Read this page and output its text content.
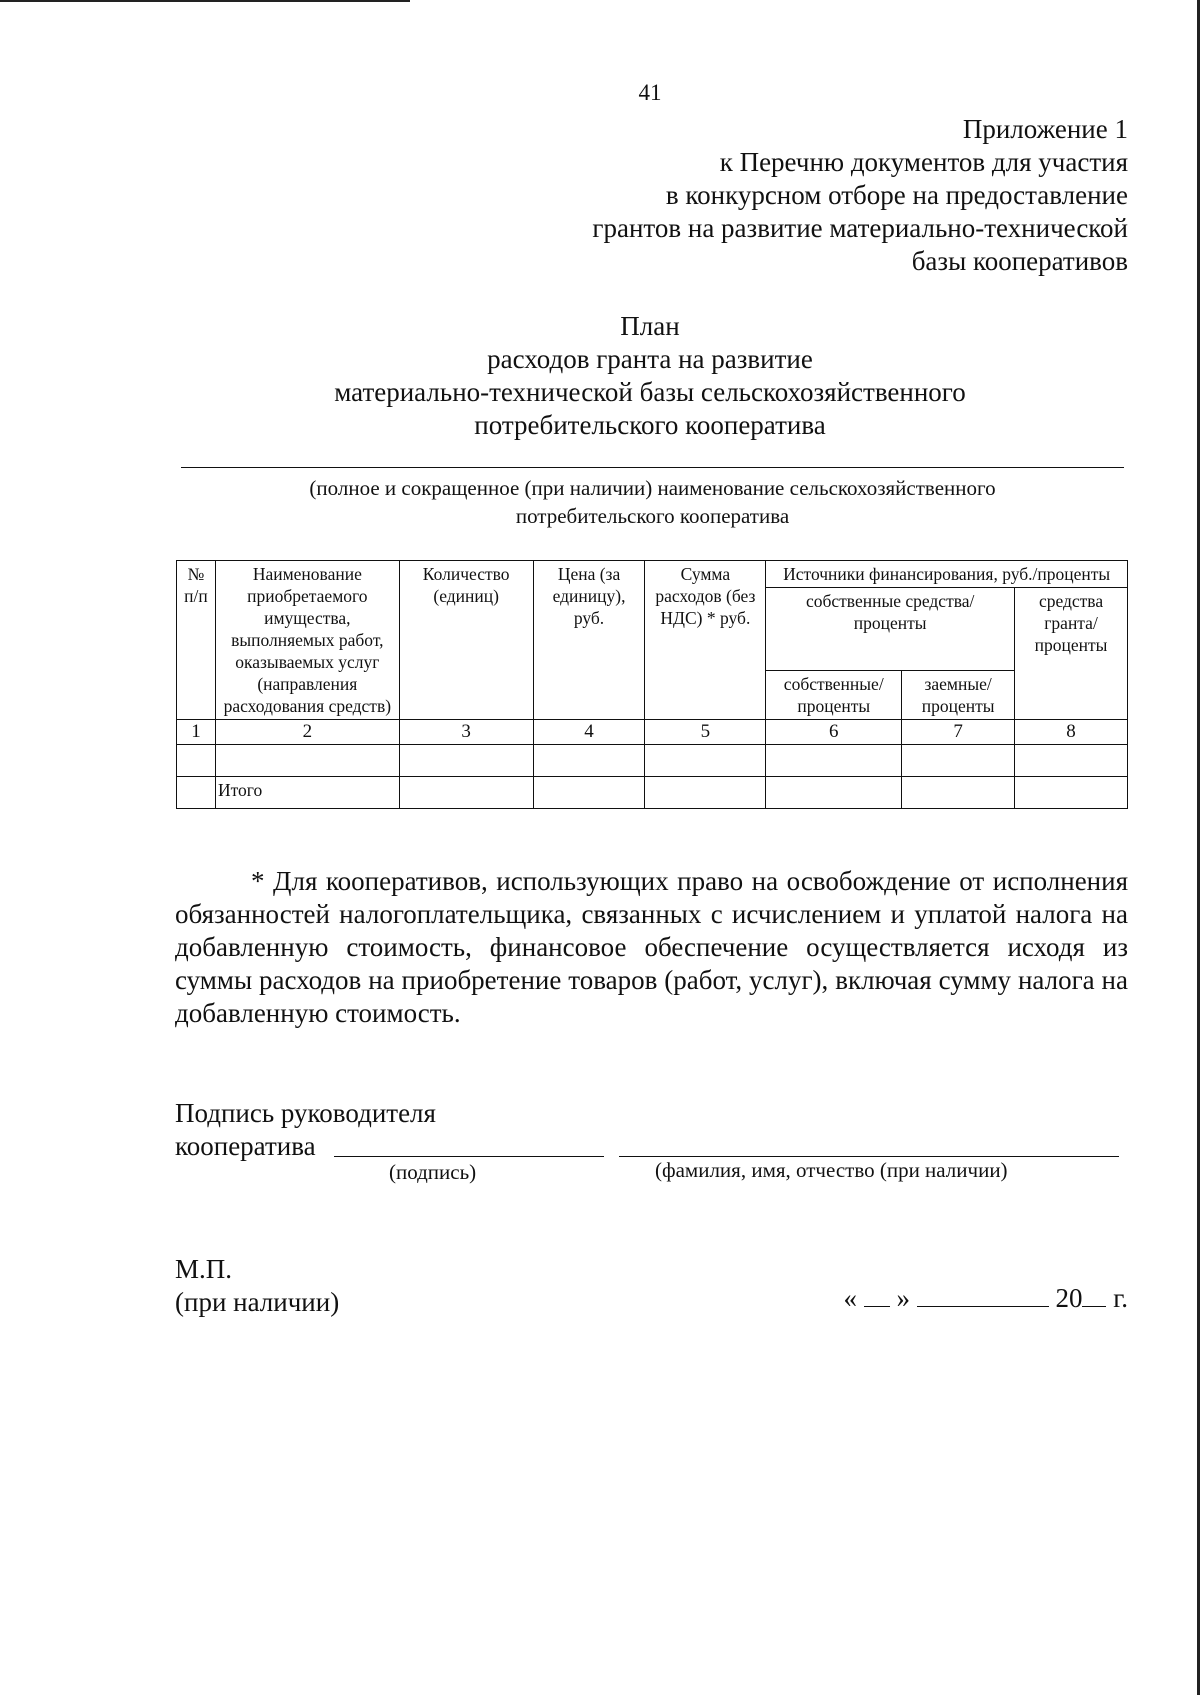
41
Приложение 1
к Перечню документов для участия
в конкурсном отборе на предоставление
грантов на развитие материально-технической
базы кооперативов
План
расходов гранта на развитие
материально-технической базы сельскохозяйственного
потребительского кооператива
(полное и сокращенное (при наличии) наименование сельскохозяйственного
потребительского кооператива
№ п/п	Наименование приобретаемого имущества, выполняемых работ, оказываемых услуг (направления расходования средств)	Количество (единиц)	Цена (за единицу), руб.	Сумма расходов (без НДС) * руб.	Источники финансирования, руб./проценты		
					собственные средства/ проценты		средства гранта/ проценты
					собственные/ проценты	заемные/ проценты	
1	2	3	4	5	6	7	8

	Итого						
* Для кооперативов, использующих право на освобождение от исполнения обязанностей налогоплательщика, связанных с исчислением и уплатой налога на добавленную стоимость, финансовое обеспечение осуществляется исходя из суммы расходов на приобретение товаров (работ, услуг), включая сумму налога на добавленную стоимость.
Подпись руководителя
кооператива
(подпись)	(фамилия, имя, отчество (при наличии)
М.П.
(при наличии)	« »	20 г.
